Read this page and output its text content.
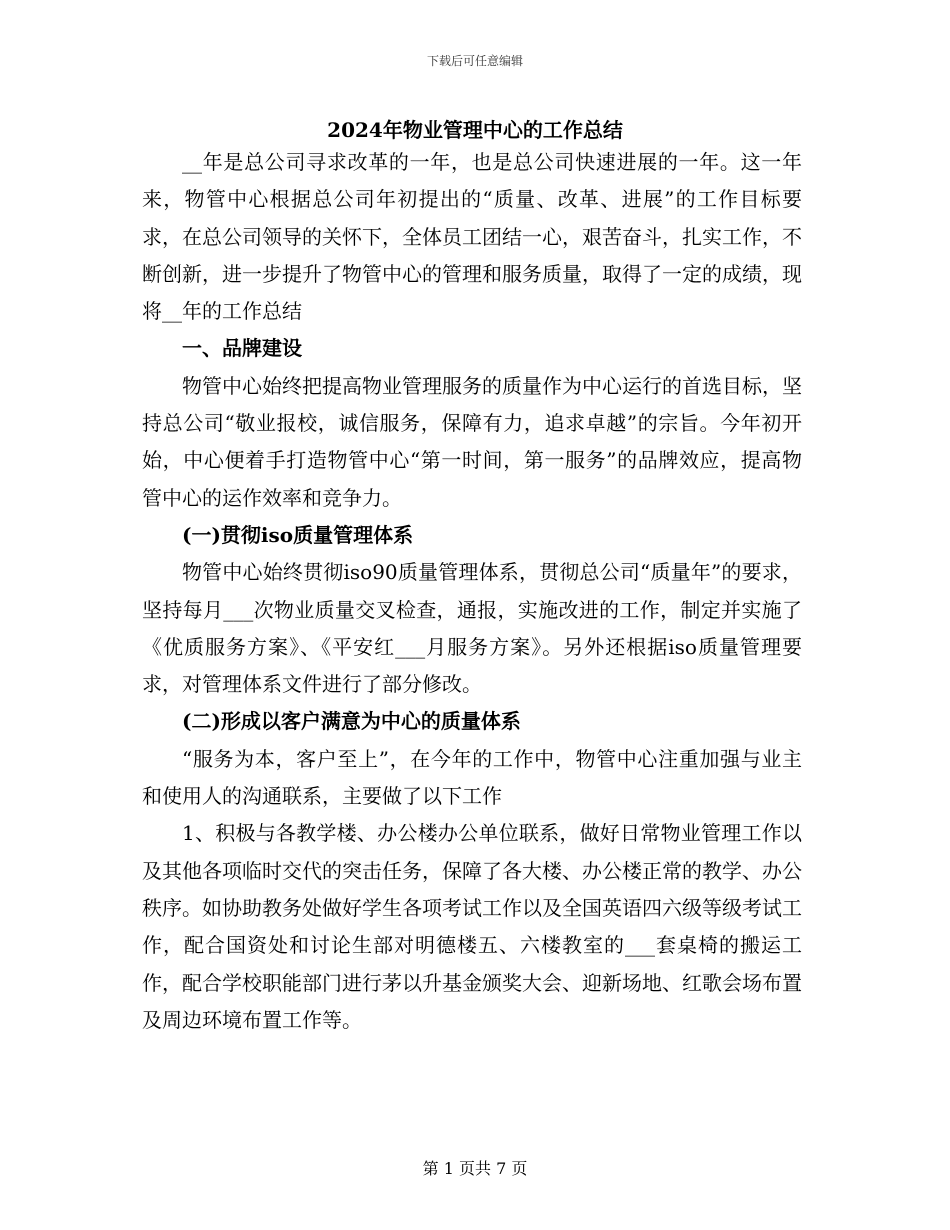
下载后可任意编辑
2024年物业管理中心的工作总结

__年是总公司寻求改革的一年，也是总公司快速进展的一年。这一年来，物管中心根据总公司年初提出的“质量、改革、进展”的工作目标要求，在总公司领导的关怀下，全体员工团结一心，艰苦奋斗，扎实工作，不断创新，进一步提升了物管中心的管理和服务质量，取得了一定的成绩，现将__年的工作总结

一、品牌建设

物管中心始终把提高物业管理服务的质量作为中心运行的首选目标，坚持总公司“敬业报校，诚信服务，保障有力，追求卓越”的宗旨。今年初开始，中心便着手打造物管中心“第一时间，第一服务”的品牌效应，提高物管中心的运作效率和竞争力。

(一)贯彻iso质量管理体系

物管中心始终贯彻iso90质量管理体系，贯彻总公司“质量年”的要求，坚持每月___次物业质量交叉检查，通报，实施改进的工作，制定并实施了《优质服务方案》、《平安红___月服务方案》。另外还根据iso质量管理要求，对管理体系文件进行了部分修改。

(二)形成以客户满意为中心的质量体系

“服务为本，客户至上”，在今年的工作中，物管中心注重加强与业主和使用人的沟通联系，主要做了以下工作

1、积极与各教学楼、办公楼办公单位联系，做好日常物业管理工作以及其他各项临时交代的突击任务，保障了各大楼、办公楼正常的教学、办公秩序。如协助教务处做好学生各项考试工作以及全国英语四六级等级考试工作，配合国资处和讨论生部对明德楼五、六楼教室的___套桌椅的搬运工作，配合学校职能部门进行茅以升基金颁奖大会、迎新场地、红歌会场布置及周边环境布置工作等。

第 1 页共 7 页
